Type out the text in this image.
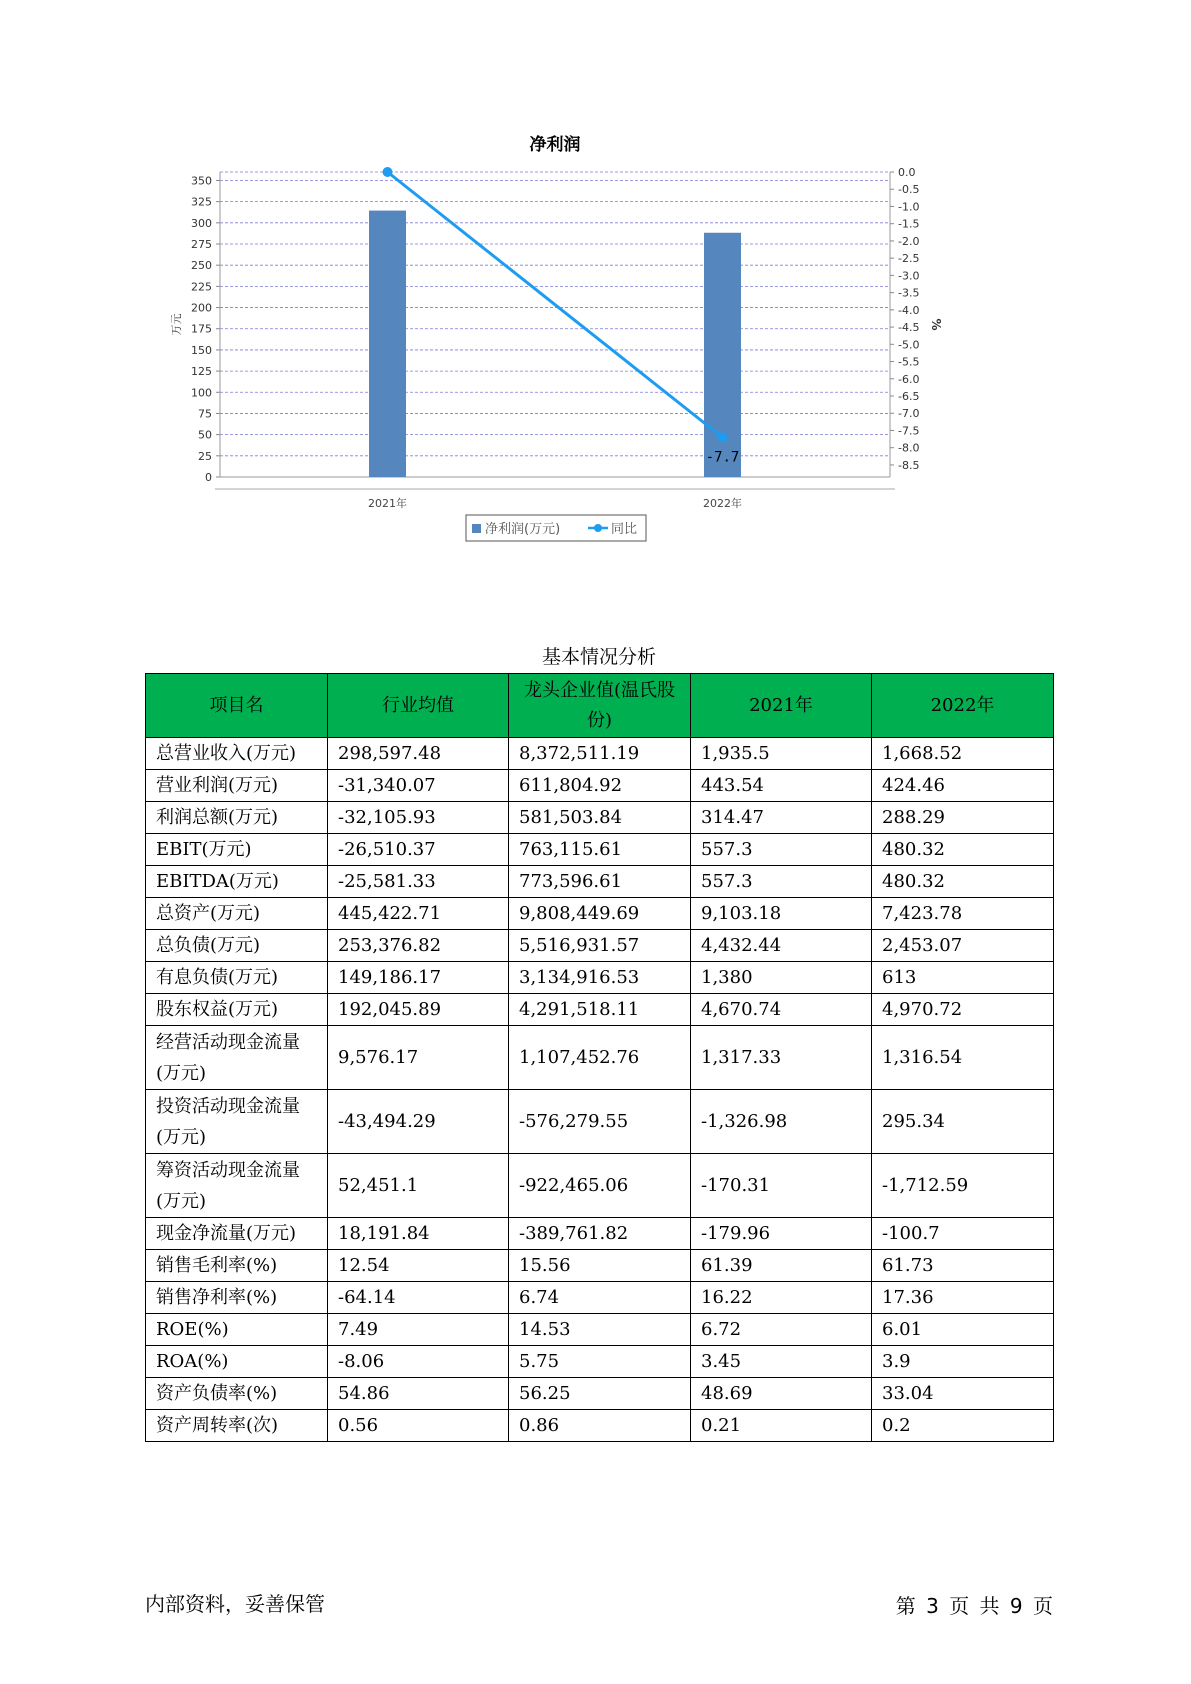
净利润
0
25
50
75
100
125
150
175
200
225
250
275
300
325
350
0.0
-0.5
-1.0
-1.5
-2.0
-2.5
-3.0
-3.5
-4.0
-4.5
-5.0
-5.5
-6.0
-6.5
-7.0
-7.5
-8.0
-8.5
万元	%
2021年	2022年
-7.7
净利润(万元)	同比
基本情况分析
项目名	行业均值	龙头企业值(温氏股份)	2021年	2022年
总营业收入(万元)	298,597.48	8,372,511.19	1,935.5	1,668.52
营业利润(万元)	-31,340.07	611,804.92	443.54	424.46
利润总额(万元)	-32,105.93	581,503.84	314.47	288.29
EBIT(万元)	-26,510.37	763,115.61	557.3	480.32
EBITDA(万元)	-25,581.33	773,596.61	557.3	480.32
总资产(万元)	445,422.71	9,808,449.69	9,103.18	7,423.78
总负债(万元)	253,376.82	5,516,931.57	4,432.44	2,453.07
有息负债(万元)	149,186.17	3,134,916.53	1,380	613
股东权益(万元)	192,045.89	4,291,518.11	4,670.74	4,970.72
经营活动现金流量(万元)	9,576.17	1,107,452.76	1,317.33	1,316.54
投资活动现金流量(万元)	-43,494.29	-576,279.55	-1,326.98	295.34
筹资活动现金流量(万元)	52,451.1	-922,465.06	-170.31	-1,712.59
现金净流量(万元)	18,191.84	-389,761.82	-179.96	-100.7
销售毛利率(%)	12.54	15.56	61.39	61.73
销售净利率(%)	-64.14	6.74	16.22	17.36
ROE(%)	7.49	14.53	6.72	6.01
ROA(%)	-8.06	5.75	3.45	3.9
资产负债率(%)	54.86	56.25	48.69	33.04
资产周转率(次)	0.56	0.86	0.21	0.2
内部资料，妥善保管	第 3 页 共 9 页
